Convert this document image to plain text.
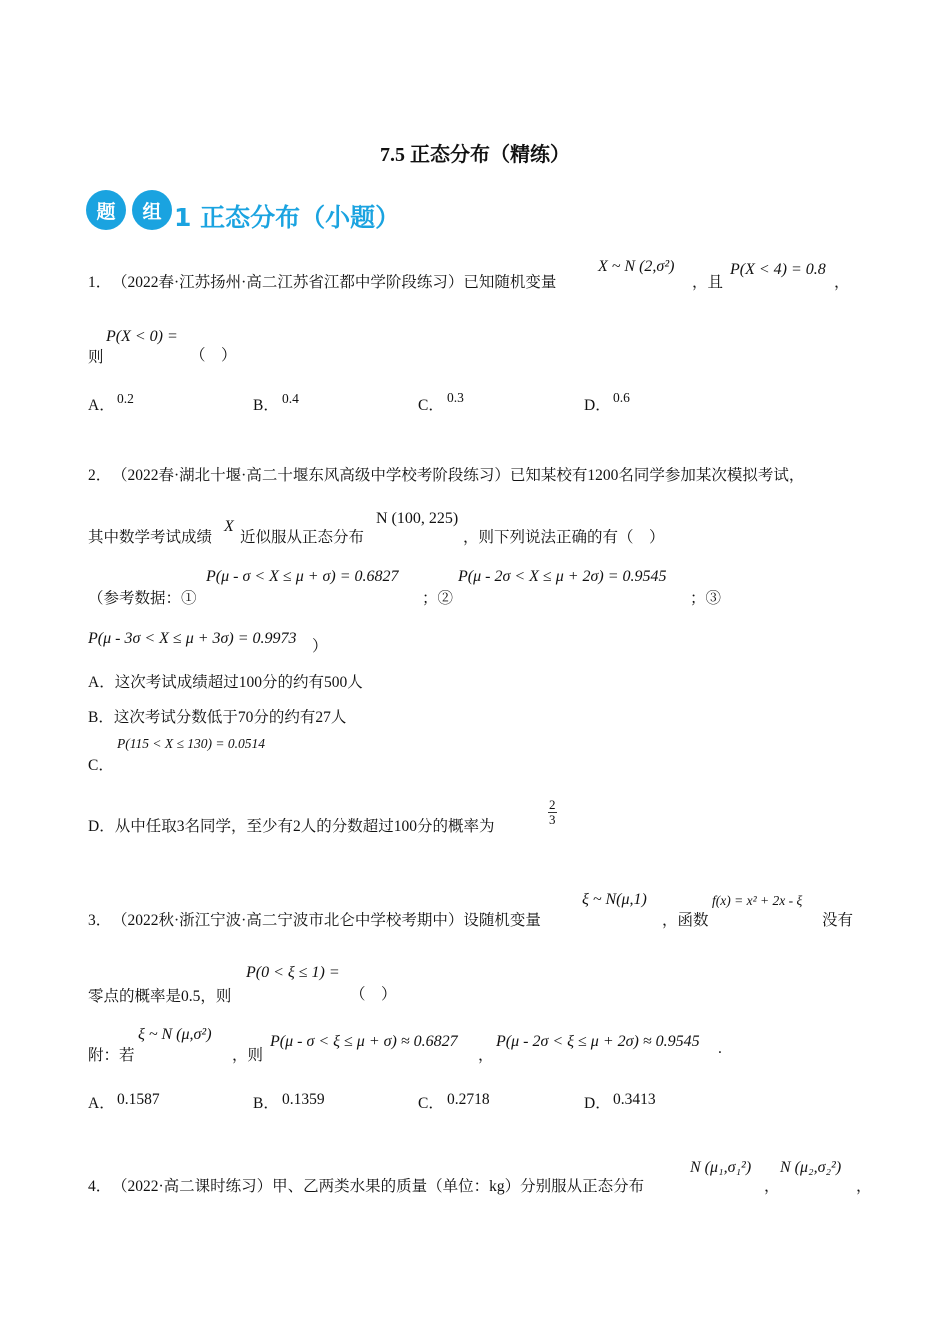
7.5 正态分布（精练）
题	组 1 正态分布（小题）
1． （2022春·江苏扬州·高二江苏省江都中学阶段练习）已知随机变量
X ~ N (2,σ²)
，且
P(X < 4) = 0.8
，
P(X < 0) =
则	（　）
A． 0.2	B． 0.4	C． 0.3	D． 0.6
2． （2022春·湖北十堰·高二十堰东风高级中学校考阶段练习）已知某校有1200名同学参加某次模拟考试，
其中数学考试成绩
X
近似服从正态分布
N (100, 225)
，则下列说法正确的有（　）
（参考数据：①
P(μ - σ < X ≤ μ + σ) = 0.6827
；②
P(μ - 2σ < X ≤ μ + 2σ) = 0.9545
；③
P(μ - 3σ < X ≤ μ + 3σ) = 0.9973 ）
A．这次考试成绩超过100分的约有500人
B．这次考试分数低于70分的约有27人
P(115 < X ≤ 130) = 0.0514
C．
D．从中任取3名同学，至少有2人的分数超过100分的概率为	$\frac{2}{3}$
3． （2022秋·浙江宁波·高二宁波市北仑中学校考期中）设随机变量
ξ ~ N(μ,1)
，函数
f(x) = x² + 2x - ξ
没有
P(0 < ξ ≤ 1) =
零点的概率是0.5，则	（　）
附：若
ξ ~ N (μ,σ²)
，则
P(μ - σ < ξ ≤ μ + σ) ≈ 0.6827
，
P(μ - 2σ < ξ ≤ μ + 2σ) ≈ 0.9545 .
A． 0.1587	B． 0.1359	C． 0.2718	D． 0.3413
4． （2022·高二课时练习）甲、乙两类水果的质量（单位：kg）分别服从正态分布
N (μ₁,σ₁²)
，
N (μ₂,σ₂²)
，
